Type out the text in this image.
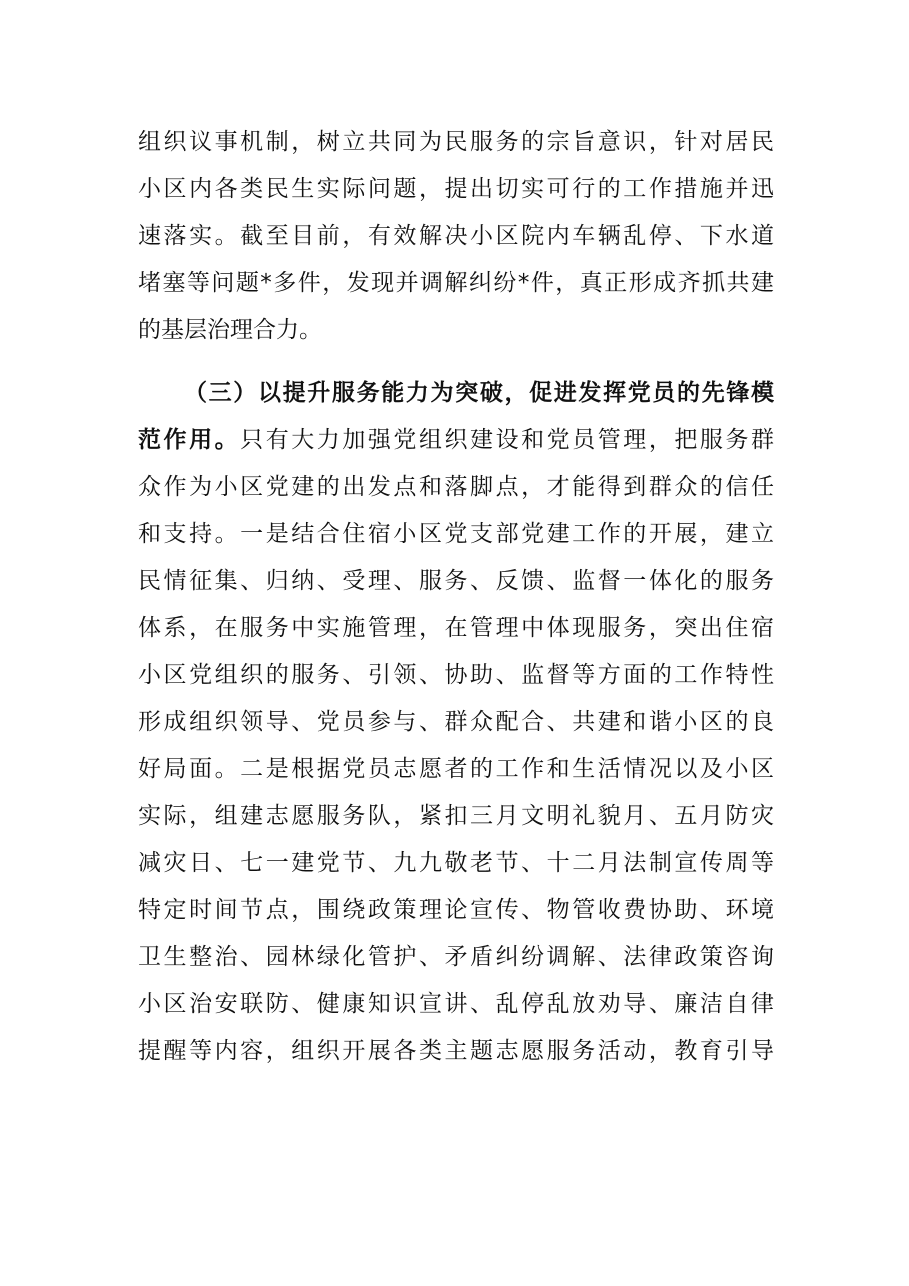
组织议事机制，树立共同为民服务的宗旨意识，针对居民
小区内各类民生实际问题，提出切实可行的工作措施并迅
速落实。截至目前，有效解决小区院内车辆乱停、下水道
堵塞等问题*多件，发现并调解纠纷*件，真正形成齐抓共建
的基层治理合力。
（三）以提升服务能力为突破，促进发挥党员的先锋模
范作用。只有大力加强党组织建设和党员管理，把服务群
众作为小区党建的出发点和落脚点，才能得到群众的信任
和支持。一是结合住宿小区党支部党建工作的开展，建立
民情征集、归纳、受理、服务、反馈、监督一体化的服务
体系，在服务中实施管理，在管理中体现服务，突出住宿
小区党组织的服务、引领、协助、监督等方面的工作特性
形成组织领导、党员参与、群众配合、共建和谐小区的良
好局面。二是根据党员志愿者的工作和生活情况以及小区
实际，组建志愿服务队，紧扣三月文明礼貌月、五月防灾
减灾日、七一建党节、九九敬老节、十二月法制宣传周等
特定时间节点，围绕政策理论宣传、物管收费协助、环境
卫生整治、园林绿化管护、矛盾纠纷调解、法律政策咨询
小区治安联防、健康知识宣讲、乱停乱放劝导、廉洁自律
提醒等内容，组织开展各类主题志愿服务活动，教育引导
